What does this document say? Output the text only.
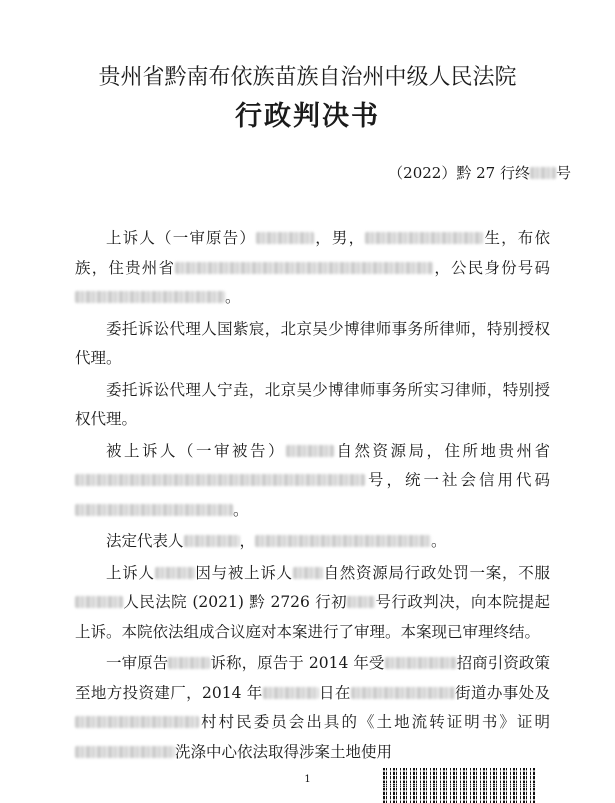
贵州省黔南布依族苗族自治州中级人民法院
行政判决书
（2022）黔 27 行终 号

上诉人（一审原告）	，男，	生，布依族，住贵州省	，公民身份号码。

委托诉讼代理人国紫宸，北京吴少博律师事务所律师，特别授权代理。

委托诉讼代理人宁垚，北京吴少博律师事务所实习律师，特别授权代理。

被上诉人（一审被告）	自然资源局，住所地贵州省号，统一社会信用代码。

法定代表人	，	。

上诉人	因与被上诉人 自然资源局行政处罚一案，不服人民法院 (2021) 黔 2726 行初 号行政判决，向本院提起上诉。本院依法组成合议庭对本案进行了审理。本案现已审理终结。

一审原告	诉称，原告于 2014 年受	招商引资政策至地方投资建厂，2014 年	日在	街道办事处及村村民委员会出具的《土地流转证明书》证明洗涤中心依法取得涉案土地使用

1
